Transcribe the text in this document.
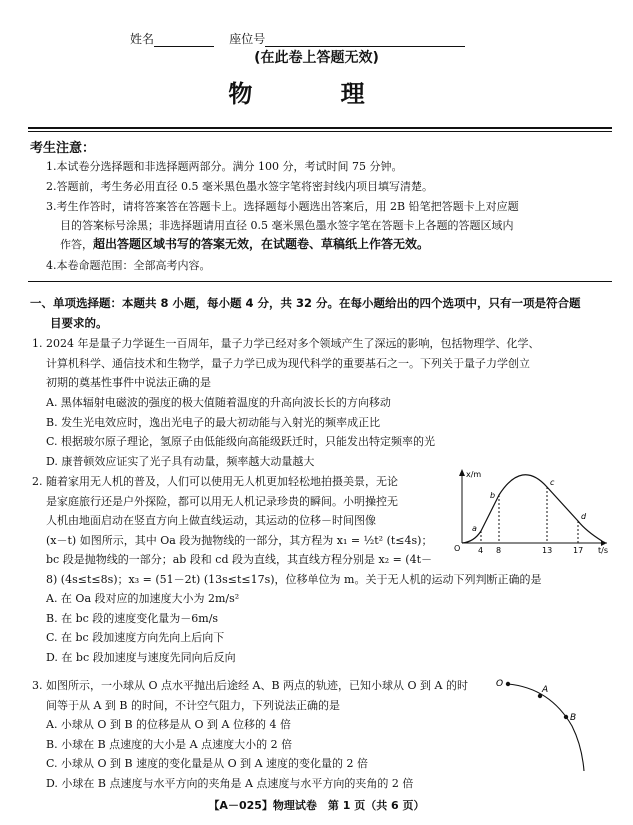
姓名	座位号
(在此卷上答题无效)
物 理
考生注意：
1.本试卷分选择题和非选择题两部分。满分 100 分，考试时间 75 分钟。
2.答题前，考生务必用直径 0.5 毫米黑色墨水签字笔将密封线内项目填写清楚。
3.考生作答时，请将答案答在答题卡上。选择题每小题选出答案后，用 2B 铅笔把答题卡上对应题
目的答案标号涂黑；非选择题请用直径 0.5 毫米黑色墨水签字笔在答题卡上各题的答题区域内
作答，超出答题区域书写的答案无效，在试题卷、草稿纸上作答无效。
4.本卷命题范围：全部高考内容。
一、单项选择题：本题共 8 小题，每小题 4 分，共 32 分。在每小题给出的四个选项中，只有一项是符合题
目要求的。
1. 2024 年是量子力学诞生一百周年，量子力学已经对多个领域产生了深远的影响，包括物理学、化学、
计算机科学、通信技术和生物学，量子力学已成为现代科学的重要基石之一。下列关于量子力学创立
初期的奠基性事件中说法正确的是
A. 黑体辐射电磁波的强度的极大值随着温度的升高向波长长的方向移动
B. 发生光电效应时，逸出光电子的最大初动能与入射光的频率成正比
C. 根据玻尔原子理论，氢原子由低能级向高能级跃迁时，只能发出特定频率的光
D. 康普顿效应证实了光子具有动量，频率越大动量越大
2. 随着家用无人机的普及，人们可以使用无人机更加轻松地拍摄美景，无论
是家庭旅行还是户外探险，都可以用无人机记录珍贵的瞬间。小明操控无
人机由地面启动在竖直方向上做直线运动，其运动的位移－时间图像
(x－t) 如图所示，其中 Oa 段为抛物线的一部分，其方程为 x₁ = ½t² (t≤4s)；
bc 段是抛物线的一部分；ab 段和 cd 段为直线，其直线方程分别是 x₂ = (4t－
8) (4s≤t≤8s)；x₃ = (51－2t) (13s≤t≤17s)，位移单位为 m。关于无人机的运动下列判断正确的是
A. 在 Oa 段对应的加速度大小为 2m/s²
B. 在 bc 段的速度变化量为－6m/s
C. 在 bc 段加速度方向先向上后向下
D. 在 bc 段加速度与速度先同向后反向
x/m
t/s
O 4 8	13	17
a
b
c
d
3. 如图所示，一小球从 O 点水平抛出后途经 A、B 两点的轨迹，已知小球从 O 到 A 的时
间等于从 A 到 B 的时间，不计空气阻力，下列说法正确的是
A. 小球从 O 到 B 的位移是从 O 到 A 位移的 4 倍
B. 小球在 B 点速度的大小是 A 点速度大小的 2 倍
C. 小球从 O 到 B 速度的变化量是从 O 到 A 速度的变化量的 2 倍
D. 小球在 B 点速度与水平方向的夹角是 A 点速度与水平方向的夹角的 2 倍
O
A
B
【A－025】物理试卷　第 1 页（共 6 页）
